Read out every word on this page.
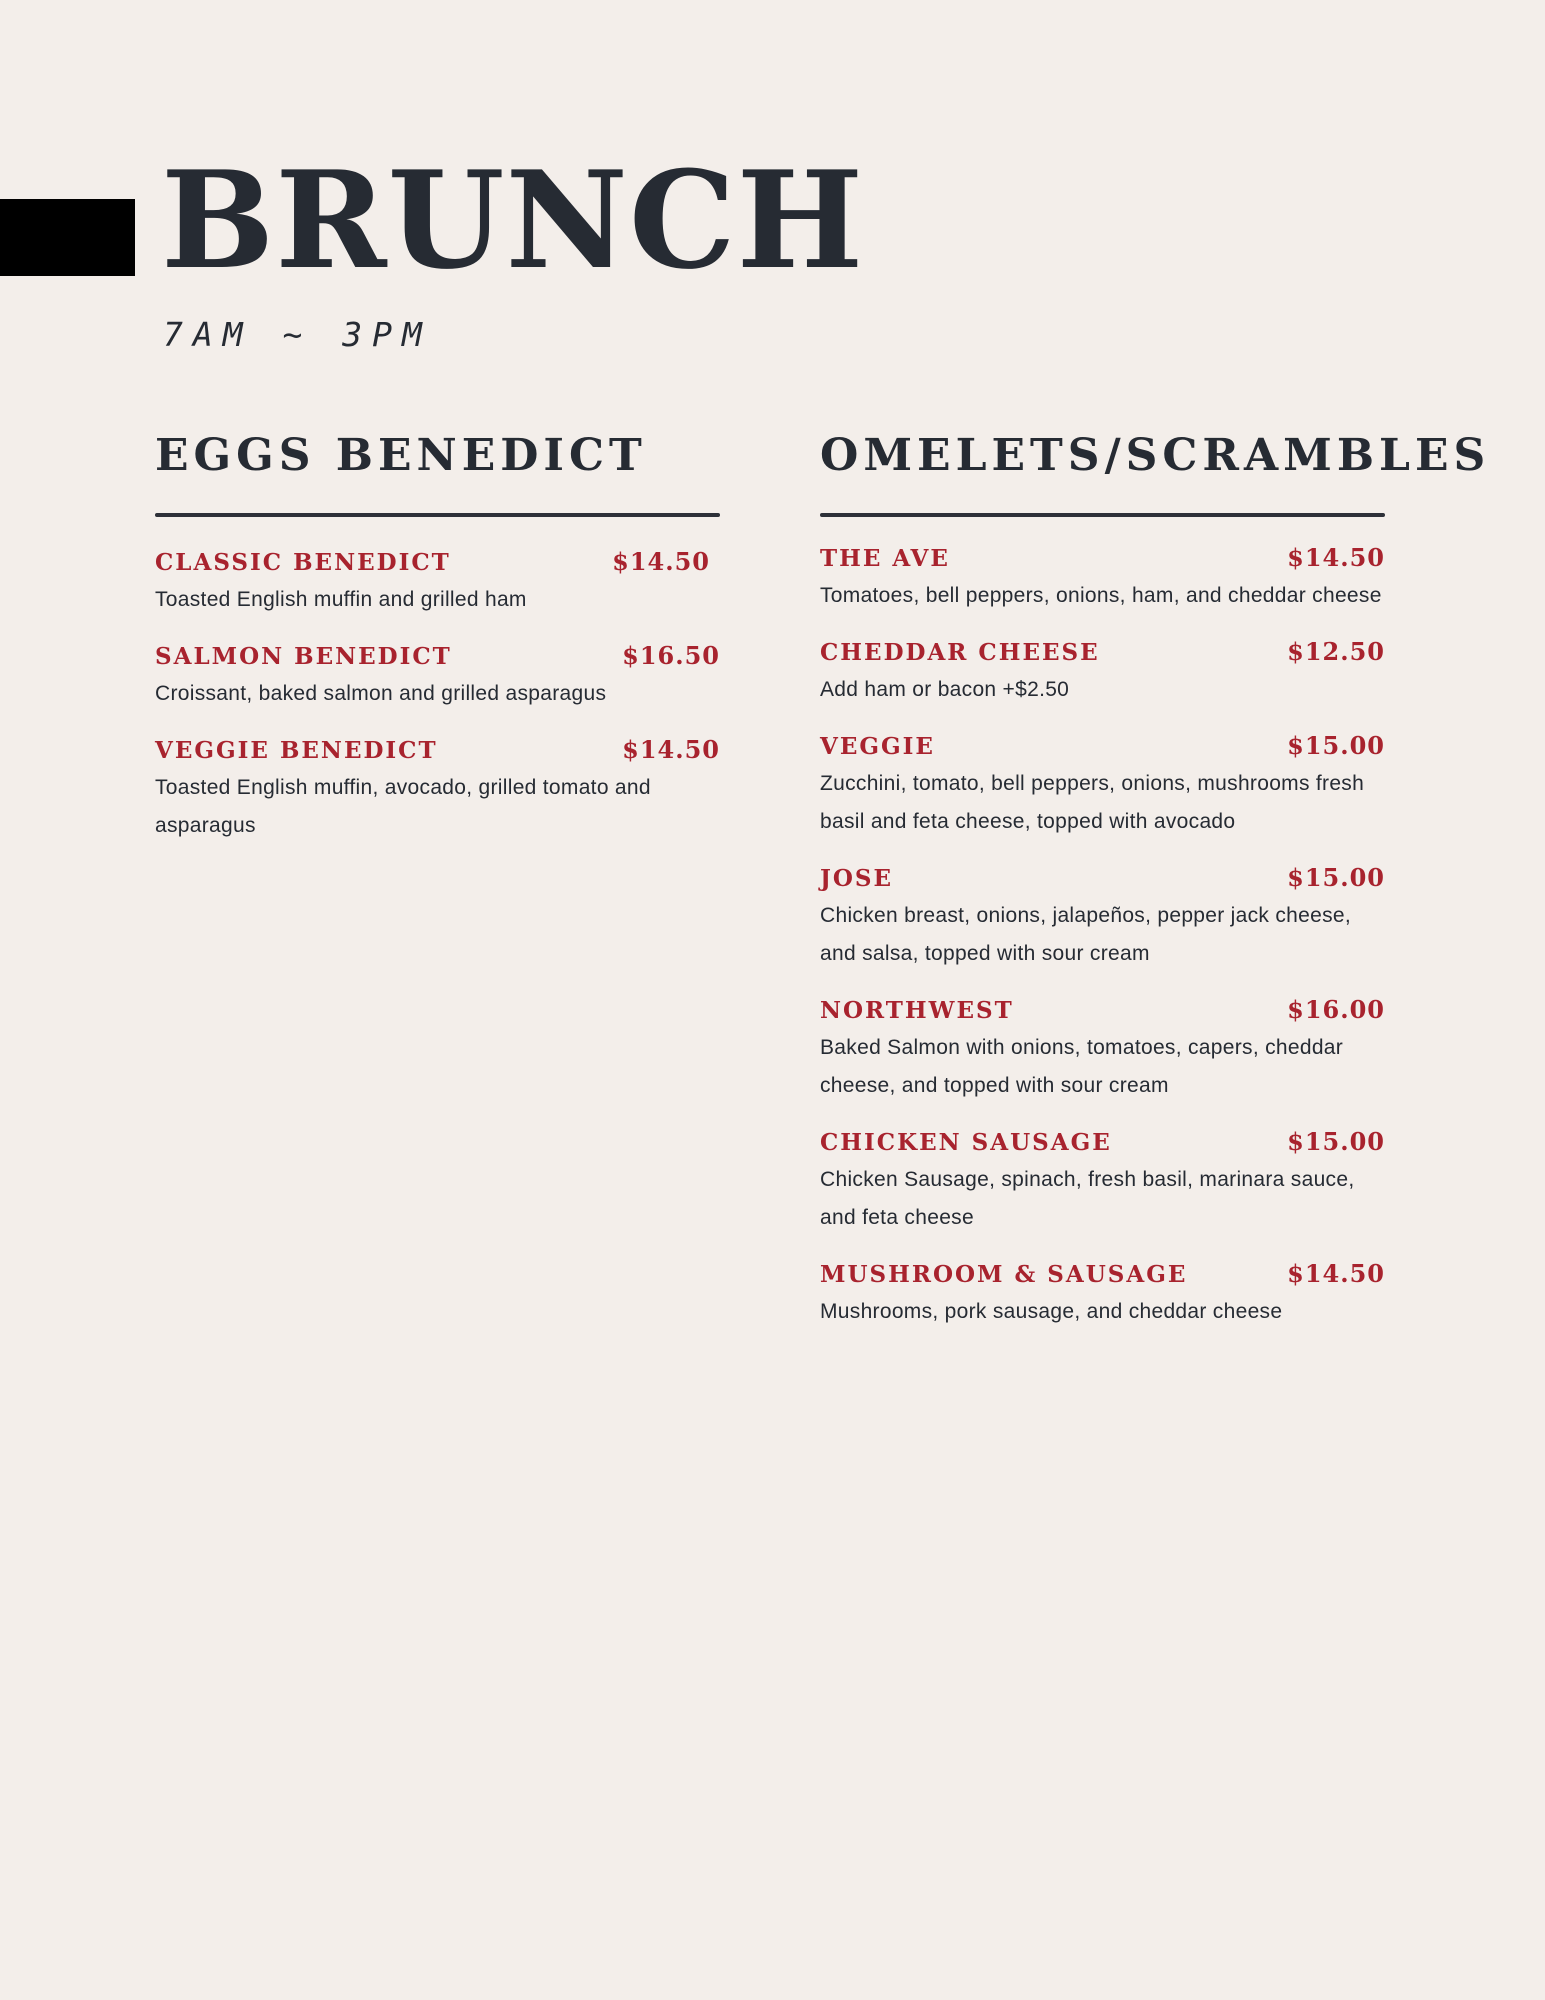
BRUNCH
7AM ~ 3PM
EGGS BENEDICT
CLASSIC BENEDICT	$14.50

Toasted English muffin and grilled ham

SALMON BENEDICT	$16.50

Croissant, baked salmon and grilled asparagus

VEGGIE BENEDICT	$14.50

Toasted English muffin, avocado, grilled tomato and asparagus

OMELETS/SCRAMBLES
THE AVE	$14.50

Tomatoes, bell peppers, onions, ham, and cheddar cheese

CHEDDAR CHEESE	$12.50

Add ham or bacon +$2.50

VEGGIE	$15.00

Zucchini, tomato, bell peppers, onions, mushrooms fresh basil and feta cheese, topped with avocado

JOSE	$15.00

Chicken breast, onions, jalapeños, pepper jack cheese, and salsa, topped with sour cream

NORTHWEST	$16.00

Baked Salmon with onions, tomatoes, capers, cheddar cheese, and topped with sour cream

CHICKEN SAUSAGE	$15.00

Chicken Sausage, spinach, fresh basil, marinara sauce, and feta cheese

MUSHROOM & SAUSAGE	$14.50

Mushrooms, pork sausage, and cheddar cheese
